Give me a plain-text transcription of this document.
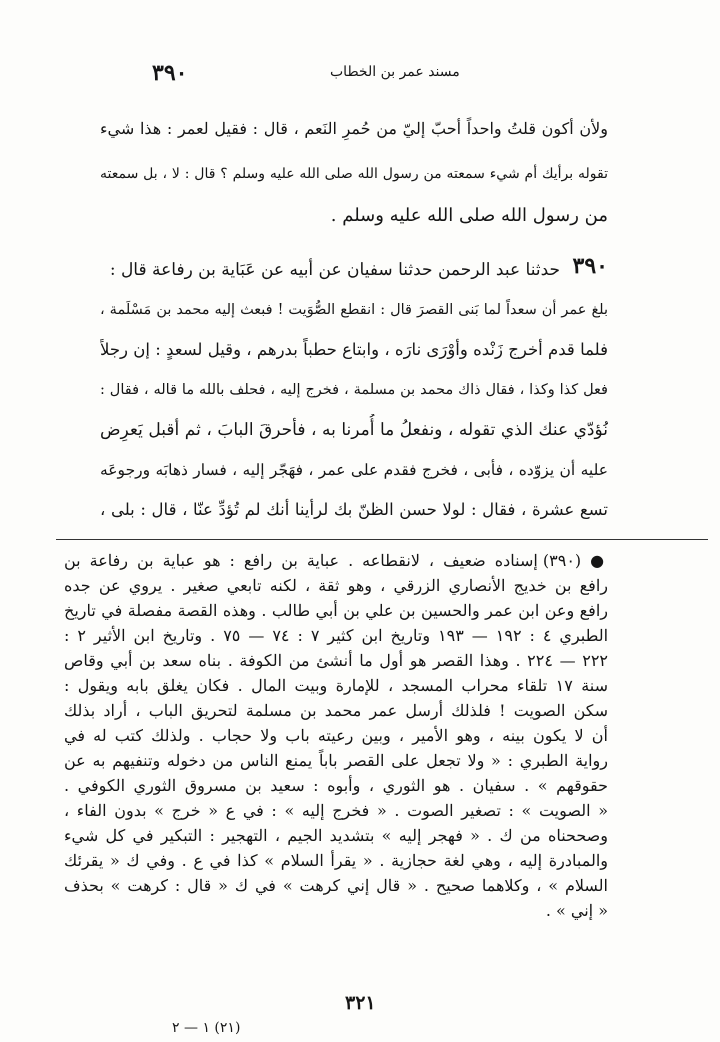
٣٩٠	مسند عمر بن الخطاب
ولأن أكون قلتُ واحداً أحبّ إليّ من حُمرِ النَعم ، قال : فقيل لعمر : هذا شيء
تقوله برأيك أم شيء سمعته من رسول الله صلى الله عليه وسلم ؟ قال : لا ، بل سمعته
من رسول الله صلى الله عليه وسلم .
٣٩٠
حدثنا عبد الرحمن حدثنا سفيان عن أبيه عن عَبَاية بن رفاعة قال :
بلغ عمر أن سعداً لما بَنى القصرَ قال : انقطع الصُّوَيت ! فبعث إليه محمد بن مَسْلَمة ،
فلما قدم أخرج زَنْده وأوْرَى نارَه ، وابتاع حطباً بدرهم ، وقيل لسعدٍ : إن رجلاً
فعل كذا وكذا ، فقال ذاك محمد بن مسلمة ، فخرج إليه ، فحلف بالله ما قاله ، فقال :
نُؤدّي عنك الذي تقوله ، ونفعلُ ما أُمرنا به ، فأحرقَ البابَ ، ثم أقبل يَعرِض
عليه أن يزوّده ، فأبى ، فخرج فقدم على عمر ، فهَجّر إليه ، فسار ذهابَه ورجوعَه
تسع عشرة ، فقال : لولا حسن الظنّ بك لرأينا أنك لم تُؤدِّ عنّا ، قال : بلى ،
● (٣٩٠) إسناده ضعيف ، لانقطاعه . عباية بن رافع : هو عباية بن رفاعة بن
رافع بن خديج الأنصاري الزرقي ، وهو ثقة ، لكنه تابعي صغير . يروي عن جده
رافع وعن ابن عمر والحسين بن علي بن أبي طالب . وهذه القصة مفصلة في تاريخ
الطبري ٤ : ١٩٢ — ١٩٣ وتاريخ ابن كثير ٧ : ٧٤ — ٧٥ . وتاريخ ابن الأثير ٢ :
٢٢٢ — ٢٢٤ . وهذا القصر هو أول ما أنشئ من الكوفة . بناه سعد بن أبي وقاص
سنة ١٧ تلقاء محراب المسجد ، للإمارة وبيت المال . فكان يغلق بابه ويقول :
سكن الصويت ! فلذلك أرسل عمر محمد بن مسلمة لتحريق الباب ، أراد بذلك
أن لا يكون بينه ، وهو الأمير ، وبين رعيته باب ولا حجاب . ولذلك كتب له في
رواية الطبري : « ولا تجعل على القصر باباً يمنع الناس من دخوله وتنفيهم به عن
حقوقهم » . سفيان . هو الثوري ، وأبوه : سعيد بن مسروق الثوري الكوفي .
« الصويت » : تصغير الصوت . « فخرج إليه » : في ع « خرج » بدون الفاء ،
وصححناه من ك . « فهجر إليه » بتشديد الجيم ، التهجير : التبكير في كل شيء
والمبادرة إليه ، وهي لغة حجازية . « يقرأ السلام » كذا في ع . وفي ك « يقرئك
السلام » ، وكلاهما صحيح . « قال إني كرهت » في ك « قال : كرهت » بحذف
« إني » .
٣٢١
(٢١) ١ — ٢
